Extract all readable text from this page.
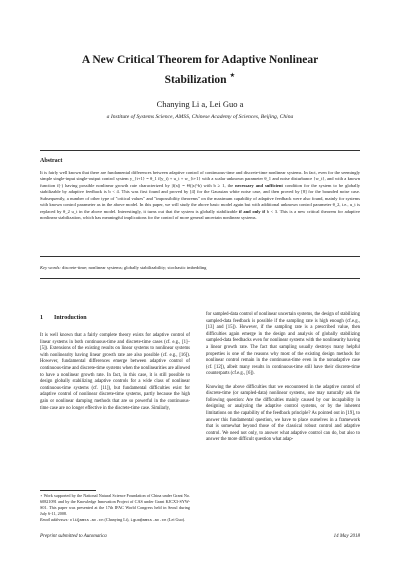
A New Critical Theorem for Adaptive Nonlinear
Stabilization ⋆
Chanying Li a, Lei Guo a
a Institute of Systems Science, AMSS, Chinese Academy of Sciences, Beijing, China
Abstract

It is fairly well known that there are fundamental differences between adaptive control of continuous-time and discrete-time nonlinear systems. In fact, even for the seemingly simple single-input single-output control system y_{t+1} = θ_1 f(y_t) + u_t + w_{t+1} with a scalar unknown parameter θ_1 and noise disturbance {w_t}, and with a known function f(·) having possible nonlinear growth rate characterized by |f(x)| = Θ(|x|^b) with b ≥ 1, the necessary and sufficient condition for the system to be globally stabilizable by adaptive feedback is b < 4. This was first found and proved by [4] for the Gaussian white noise case, and then proved by [8] for the bounded noise case. Subsequently, a number of other type of "critical values" and "impossibility theorems" on the maximum capability of adaptive feedback were also found, mainly for systems with known control parameter as in the above model. In this paper, we will study the above basic model again but with additional unknown control parameter θ_2, i.e., u_t is replaced by θ_2 u_t in the above model. Interestingly, it turns out that the system is globally stabilizable if and only if b < 3. This is a new critical theorem for adaptive nonlinear stabilization, which has meaningful implications for the control of more general uncertain nonlinear systems.

Key words: discrete-time; nonlinear systems; globally stabilizability; stochastic imbedding
1 Introduction

It is well known that a fairly complete theory exists for adaptive control of linear systems in both continuous-time and discrete-time cases (cf. e.g., [1]–[5]). Extensions of the existing results on linear systems to nonlinear systems with nonlinearity having linear growth rate are also possible (cf. e.g., [16]). However, fundamental differences emerge between adaptive control of continuous-time and discrete-time systems when the nonlinearities are allowed to have a nonlinear growth rate. In fact, in this case, it is still possible to design globally stabilizing adaptive controls for a wide class of nonlinear continuous-time systems (cf. [11]), but fundamental difficulties exist for adaptive control of nonlinear discrete-time systems, partly because the high gain or nonlinear damping methods that are so powerful in the continuous-time case are no longer effective in the discrete-time case. Similarly,

⋆ Work supported by the National Natural Science Foundation of China under Grant No. 60821091 and by the Knowledge Innovation Project of CAS under Grant KJCX3-SYW-S01. This paper was presented at the 17th IFAC World Congress held in Seoul during July 6-11, 2008.

Email addresses: cliQamss.ac.cn (Chanying Li), Lguo@amss.ac.cn (Lei Guo).

for sampled-data control of nonlinear uncertain systems, the design of stabilizing sampled-data feedback is possible if the sampling rate is high enough (cf.e.g., [13] and [15]). However, if the sampling rate is a prescribed value, then difficulties again emerge in the design and analysis of globally stabilizing sampled-data feedbacks even for nonlinear systems with the nonlinearity having a linear growth rate. The fact that sampling usually destroys many helpful properties is one of the reasons why most of the existing design methods for nonlinear control remain in the continuous-time even in the nonadaptive case (cf. [12]), albeit many results in continuous-time still have their discrete-time counterparts (cf.e.g., [6]).

Knowing the above difficulties that we encountered in the adaptive control of discrete-time (or sampled-data) nonlinear systems, one may naturally ask the following question: Are the difficulties mainly caused by our incapability in designing or analyzing the adaptive control systems, or by the inherent limitations on the capability of the feedback principle? As pointed out in [19], to answer this fundamental question, we have to place ourselves in a framework that is somewhat beyond those of the classical robust control and adaptive control. We need not only, to answer what adaptive control can do, but also to answer the more difficult question what adap-

Preprint submitted to Automatica	14 May 2018
